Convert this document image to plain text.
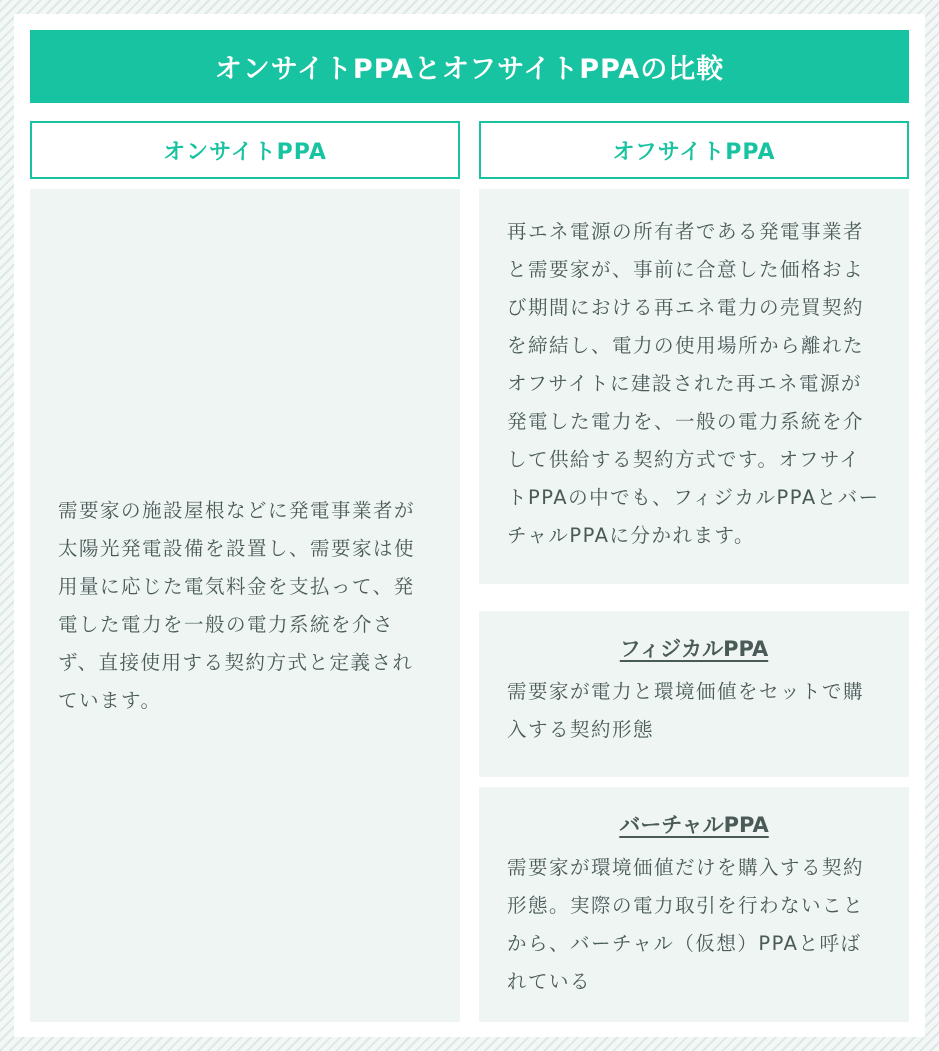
オンサイトPPAとオフサイトPPAの比較
オンサイトPPA	オフサイトPPA

需要家の施設屋根などに発電事業者が太陽光発電設備を設置し、需要家は使用量に応じた電気料金を支払って、発電した電力を一般の電力系統を介さず、直接使用する契約方式と定義されています。

再エネ電源の所有者である発電事業者と需要家が、事前に合意した価格および期間における再エネ電力の売買契約を締結し、電力の使用場所から離れたオフサイトに建設された再エネ電源が発電した電力を、一般の電力系統を介して供給する契約方式です。オフサイトPPAの中でも、フィジカルPPAとバーチャルPPAに分かれます。

フィジカルPPA

需要家が電力と環境価値をセットで購入する契約形態

バーチャルPPA

需要家が環境価値だけを購入する契約形態。実際の電力取引を行わないことから、バーチャル（仮想）PPAと呼ばれている
